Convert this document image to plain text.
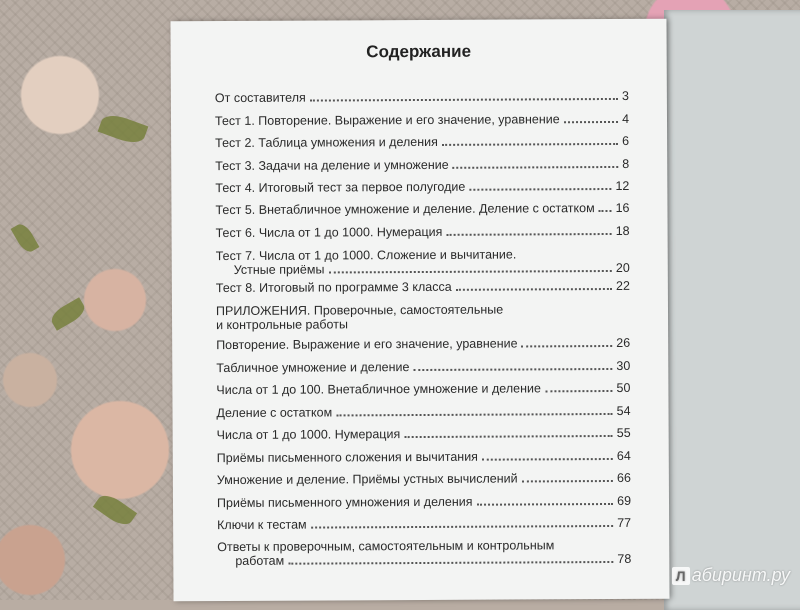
Содержание
От составителя	3
Тест 1. Повторение. Выражение и его значение, уравнение	4
Тест 2. Таблица умножения и деления	6
Тест 3. Задачи на деление и умножение	8
Тест 4. Итоговый тест за первое полугодие	12
Тест 5. Внетабличное умножение и деление. Деление с остатком 16
Тест 6. Числа от 1 до 1000. Нумерация	18
Тест 7. Числа от 1 до 1000. Сложение и вычитание.
Устные приёмы	20
Тест 8. Итоговый по программе 3 класса	22
ПРИЛОЖЕНИЯ. Проверочные, самостоятельные
и контрольные работы
Повторение. Выражение и его значение, уравнение	26
Табличное умножение и деление	30
Числа от 1 до 100. Внетабличное умножение и деление	50
Деление с остатком	54
Числа от 1 до 1000. Нумерация	55
Приёмы письменного сложения и вычитания	64
Умножение и деление. Приёмы устных вычислений	66
Приёмы письменного умножения и деления	69
Ключи к тестам	77
Ответы к проверочным, самостоятельным и контрольным
работам	78
Л абиринт.ру
